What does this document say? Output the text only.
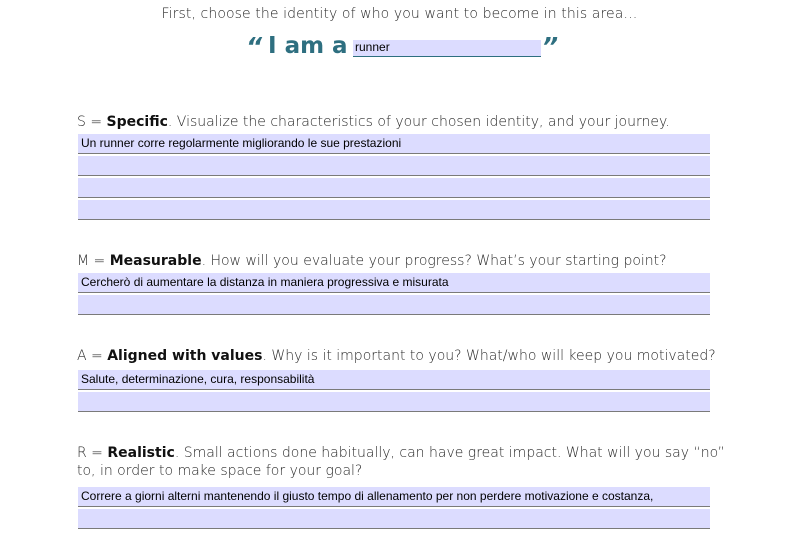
First, choose the identity of who you want to become in this area…
“ I am a runner	”
S = Specific. Visualize the characteristics of your chosen identity, and your journey.
Un runner corre regolarmente migliorando le sue prestazioni
M = Measurable. How will you evaluate your progress? What’s your starting point?
Cercherò di aumentare la distanza in maniera progressiva e misurata
A = Aligned with values. Why is it important to you? What/who will keep you motivated?
Salute, determinazione, cura, responsabilità
R = Realistic. Small actions done habitually, can have great impact. What will you say “no” to, in order to make space for your goal?
Correre a giorni alterni mantenendo il giusto tempo di allenamento per non perdere motivazione e costanza,
